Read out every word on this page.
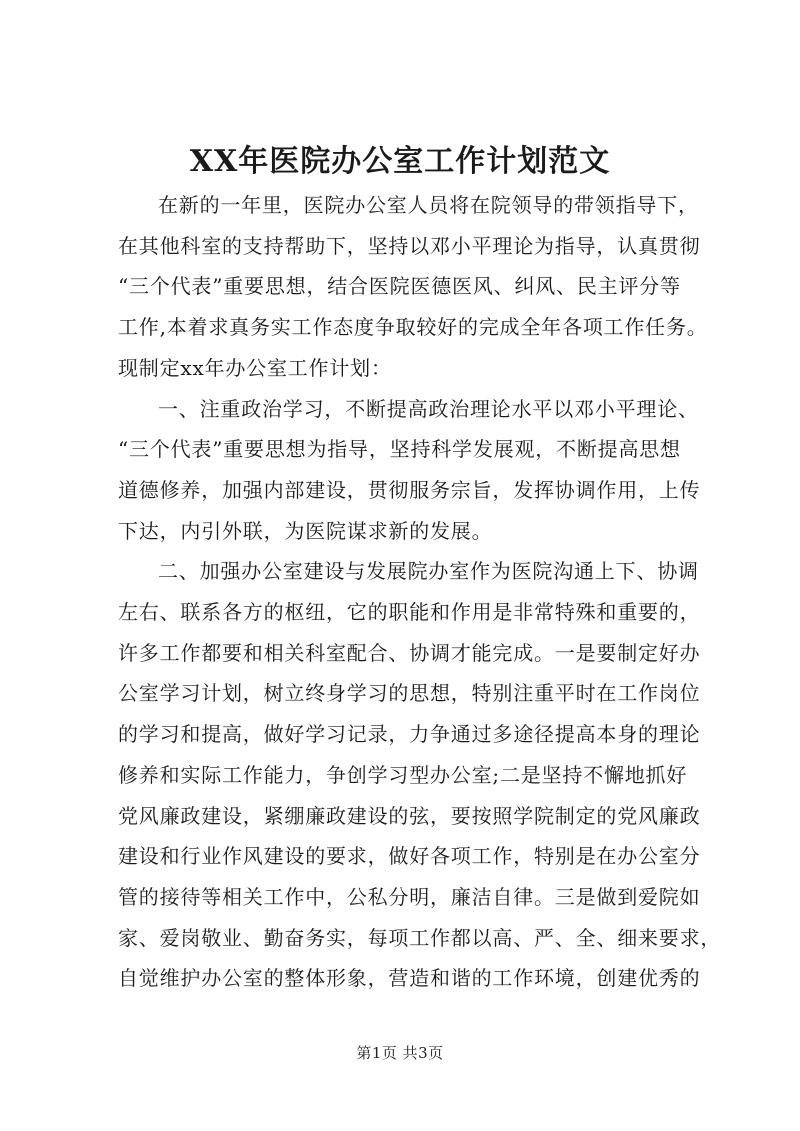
XX年医院办公室工作计划范文

在新的一年里，医院办公室人员将在院领导的带领指导下，
在其他科室的支持帮助下，坚持以邓小平理论为指导，认真贯彻
“三个代表”重要思想，结合医院医德医风、纠风、民主评分等
工作,本着求真务实工作态度争取较好的完成全年各项工作任务。
现制定xx年办公室工作计划：

一、注重政治学习，不断提高政治理论水平以邓小平理论、
“三个代表”重要思想为指导，坚持科学发展观，不断提高思想
道德修养，加强内部建设，贯彻服务宗旨，发挥协调作用，上传
下达，内引外联，为医院谋求新的发展。

二、加强办公室建设与发展院办室作为医院沟通上下、协调
左右、联系各方的枢纽，它的职能和作用是非常特殊和重要的，
许多工作都要和相关科室配合、协调才能完成。一是要制定好办
公室学习计划，树立终身学习的思想，特别注重平时在工作岗位
的学习和提高，做好学习记录，力争通过多途径提高本身的理论
修养和实际工作能力，争创学习型办公室;二是坚持不懈地抓好
党风廉政建设，紧绷廉政建设的弦，要按照学院制定的党风廉政
建设和行业作风建设的要求，做好各项工作，特别是在办公室分
管的接待等相关工作中，公私分明，廉洁自律。三是做到爱院如
家、爱岗敬业、勤奋务实，每项工作都以高、严、全、细来要求，
自觉维护办公室的整体形象，营造和谐的工作环境，创建优秀的

第1页 共3页
